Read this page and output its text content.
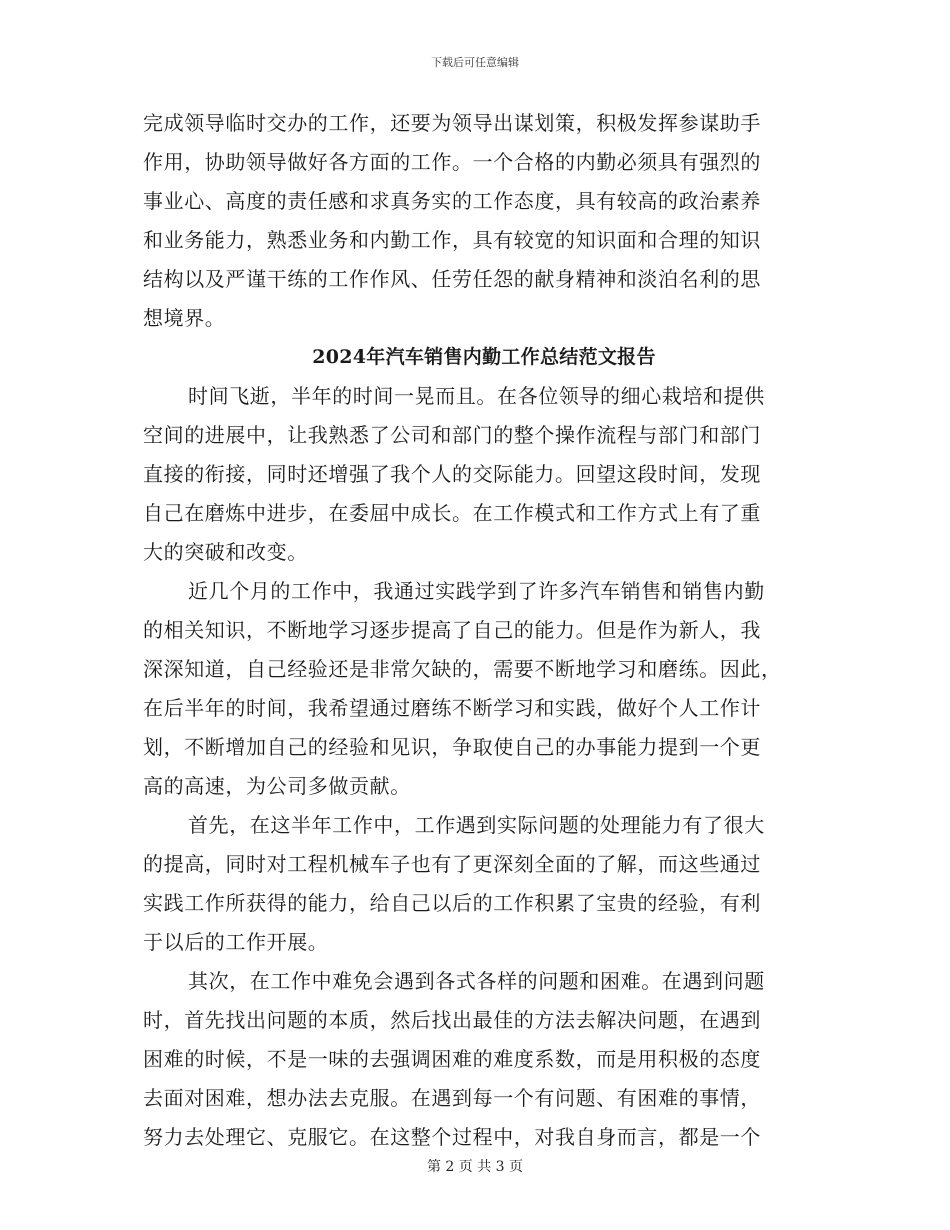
下载后可任意编辑
完成领导临时交办的工作，还要为领导出谋划策，积极发挥参谋助手
作用，协助领导做好各方面的工作。一个合格的内勤必须具有强烈的
事业心、高度的责任感和求真务实的工作态度，具有较高的政治素养
和业务能力，熟悉业务和内勤工作，具有较宽的知识面和合理的知识
结构以及严谨干练的工作作风、任劳任怨的献身精神和淡泊名利的思
想境界。
2024年汽车销售内勤工作总结范文报告
时间飞逝，半年的时间一晃而且。在各位领导的细心栽培和提供
空间的进展中，让我熟悉了公司和部门的整个操作流程与部门和部门
直接的衔接，同时还增强了我个人的交际能力。回望这段时间，发现
自己在磨炼中进步，在委屈中成长。在工作模式和工作方式上有了重
大的突破和改变。
近几个月的工作中，我通过实践学到了许多汽车销售和销售内勤
的相关知识，不断地学习逐步提高了自己的能力。但是作为新人，我
深深知道，自己经验还是非常欠缺的，需要不断地学习和磨练。因此，
在后半年的时间，我希望通过磨练不断学习和实践，做好个人工作计
划，不断增加自己的经验和见识，争取使自己的办事能力提到一个更
高的高速，为公司多做贡献。
首先，在这半年工作中，工作遇到实际问题的处理能力有了很大
的提高，同时对工程机械车子也有了更深刻全面的了解，而这些通过
实践工作所获得的能力，给自己以后的工作积累了宝贵的经验，有利
于以后的工作开展。
其次，在工作中难免会遇到各式各样的问题和困难。在遇到问题
时，首先找出问题的本质，然后找出最佳的方法去解决问题，在遇到
困难的时候，不是一味的去强调困难的难度系数，而是用积极的态度
去面对困难，想办法去克服。在遇到每一个有问题、有困难的事情，
努力去处理它、克服它。在这整个过程中，对我自身而言，都是一个
第 2 页 共 3 页
